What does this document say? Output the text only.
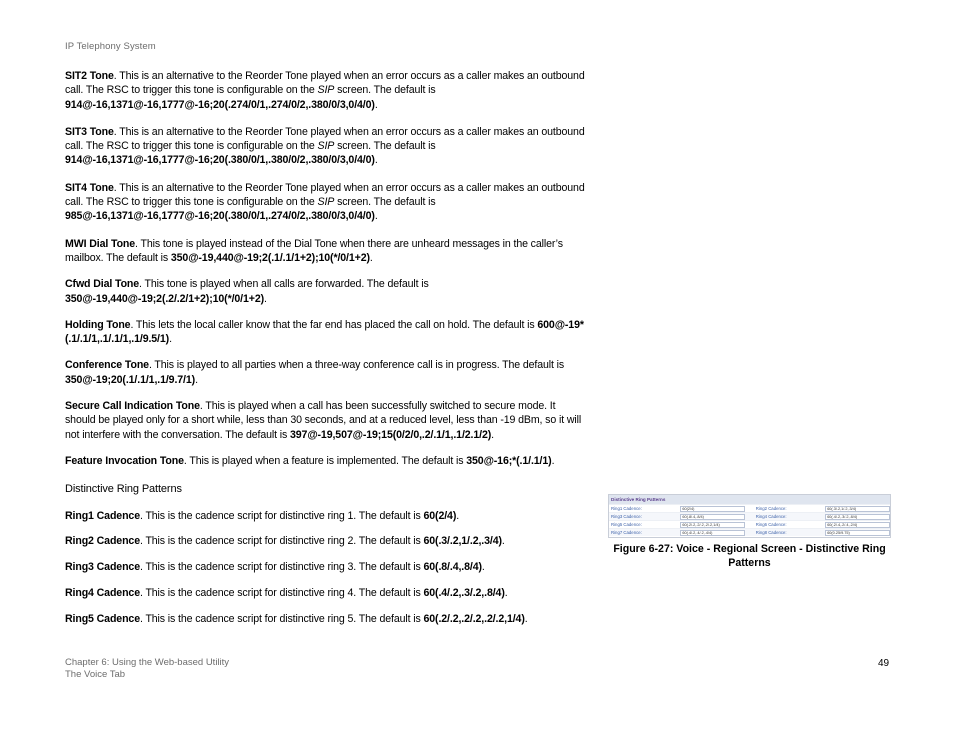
IP Telephony System

SIT2 Tone. This is an alternative to the Reorder Tone played when an error occurs as a caller makes an outbound call. The RSC to trigger this tone is configurable on the SIP screen. The default is 914@-16,1371@-16,1777@-16;20(.274/0/1,.274/0/2,.380/0/3,0/4/0).

SIT3 Tone. This is an alternative to the Reorder Tone played when an error occurs as a caller makes an outbound call. The RSC to trigger this tone is configurable on the SIP screen. The default is 914@-16,1371@-16,1777@-16;20(.380/0/1,.380/0/2,.380/0/3,0/4/0).

SIT4 Tone. This is an alternative to the Reorder Tone played when an error occurs as a caller makes an outbound call. The RSC to trigger this tone is configurable on the SIP screen. The default is 985@-16,1371@-16,1777@-16;20(.380/0/1,.274/0/2,.380/0/3,0/4/0).

MWI Dial Tone. This tone is played instead of the Dial Tone when there are unheard messages in the caller’s mailbox. The default is 350@-19,440@-19;2(.1/.1/1+2);10(*/0/1+2).

Cfwd Dial Tone. This tone is played when all calls are forwarded. The default is 350@-19,440@-19;2(.2/.2/1+2);10(*/0/1+2).

Holding Tone. This lets the local caller know that the far end has placed the call on hold. The default is 600@-19*(.1/.1/1,.1/.1/1,.1/9.5/1).

Conference Tone. This is played to all parties when a three-way conference call is in progress. The default is 350@-19;20(.1/.1/1,.1/9.7/1).

Secure Call Indication Tone. This is played when a call has been successfully switched to secure mode. It should be played only for a short while, less than 30 seconds, and at a reduced level, less than -19 dBm, so it will not interfere with the conversation. The default is 397@-19,507@-19;15(0/2/0,.2/.1/1,.1/2.1/2).

Feature Invocation Tone. This is played when a feature is implemented. The default is 350@-16;*(.1/.1/1).

Distinctive Ring Patterns

Ring1 Cadence. This is the cadence script for distinctive ring 1. The default is 60(2/4).

Ring2 Cadence. This is the cadence script for distinctive ring 2. The default is 60(.3/.2,1/.2,.3/4).

Ring3 Cadence. This is the cadence script for distinctive ring 3. The default is 60(.8/.4,.8/4).

Ring4 Cadence. This is the cadence script for distinctive ring 4. The default is 60(.4/.2,.3/.2,.8/4).

Ring5 Cadence. This is the cadence script for distinctive ring 5. The default is 60(.2/.2,.2/.2,.2/.2,1/4).

Distinctive Ring Patterns
Ring1 Cadence:	60(2/4)	Ring2 Cadence:	60(.3/.2,1/.2,.3/4)
Ring3 Cadence:	60(.8/.4,.8/4)	Ring4 Cadence:	60(.4/.2,.3/.2,.8/4)
Ring5 Cadence:	60(.2/.2,.2/.2,.2/.2,1/4)	Ring6 Cadence:	60(.2/.4,.2/.4,.2/4)
Ring7 Cadence:	60(.4/.2,.4/.2,.4/4)	Ring8 Cadence:	60(0.25/9.75)
Figure 6-27: Voice - Regional Screen - Distinctive Ring Patterns
Chapter 6: Using the Web-based Utility
The Voice Tab
49
